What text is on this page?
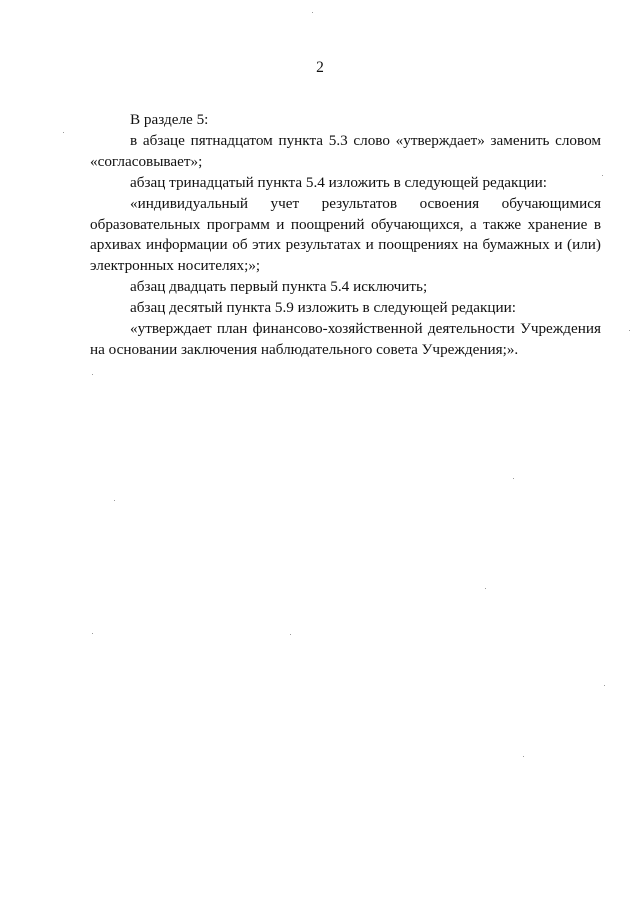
2

В разделе 5:

в абзаце пятнадцатом пункта 5.3 слово «утверждает» заменить словом «согласовывает»;

абзац тринадцатый пункта 5.4 изложить в следующей редакции:

«индивидуальный учет результатов освоения обучающимися образовательных программ и поощрений обучающихся, а также хранение в архивах информации об этих результатах и поощрениях на бумажных и (или) электронных носителях;»;

абзац двадцать первый пункта 5.4 исключить;

абзац десятый пункта 5.9 изложить в следующей редакции:

«утверждает план финансово-хозяйственной деятельности Учреждения на основании заключения наблюдательного совета Учреждения;».
